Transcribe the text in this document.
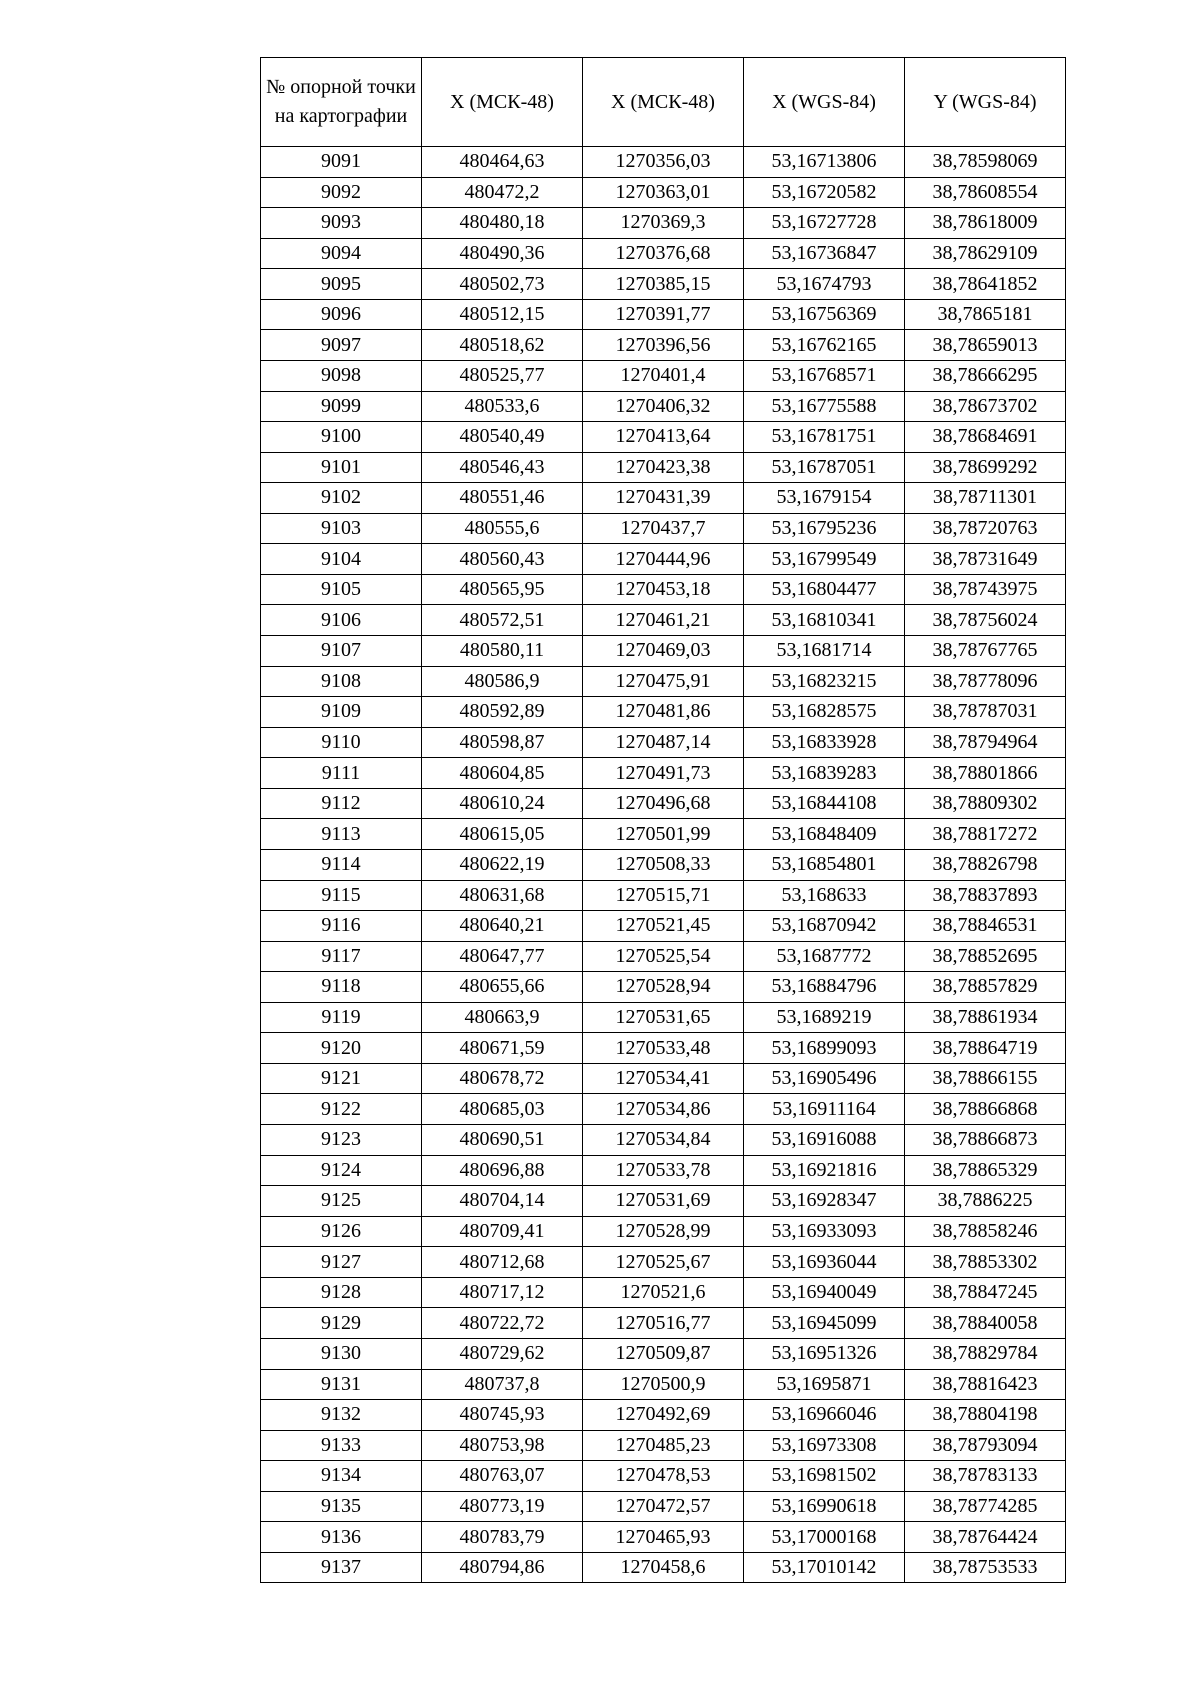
№ опорной точки на картографии	X (МСК-48)	X (МСК-48)	X (WGS-84)	Y (WGS-84)
9091	480464,63	1270356,03	53,16713806	38,78598069
9092	480472,2	1270363,01	53,16720582	38,78608554
9093	480480,18	1270369,3	53,16727728	38,78618009
9094	480490,36	1270376,68	53,16736847	38,78629109
9095	480502,73	1270385,15	53,1674793	38,78641852
9096	480512,15	1270391,77	53,16756369	38,7865181
9097	480518,62	1270396,56	53,16762165	38,78659013
9098	480525,77	1270401,4	53,16768571	38,78666295
9099	480533,6	1270406,32	53,16775588	38,78673702
9100	480540,49	1270413,64	53,16781751	38,78684691
9101	480546,43	1270423,38	53,16787051	38,78699292
9102	480551,46	1270431,39	53,1679154	38,78711301
9103	480555,6	1270437,7	53,16795236	38,78720763
9104	480560,43	1270444,96	53,16799549	38,78731649
9105	480565,95	1270453,18	53,16804477	38,78743975
9106	480572,51	1270461,21	53,16810341	38,78756024
9107	480580,11	1270469,03	53,1681714	38,78767765
9108	480586,9	1270475,91	53,16823215	38,78778096
9109	480592,89	1270481,86	53,16828575	38,78787031
9110	480598,87	1270487,14	53,16833928	38,78794964
9111	480604,85	1270491,73	53,16839283	38,78801866
9112	480610,24	1270496,68	53,16844108	38,78809302
9113	480615,05	1270501,99	53,16848409	38,78817272
9114	480622,19	1270508,33	53,16854801	38,78826798
9115	480631,68	1270515,71	53,168633	38,78837893
9116	480640,21	1270521,45	53,16870942	38,78846531
9117	480647,77	1270525,54	53,1687772	38,78852695
9118	480655,66	1270528,94	53,16884796	38,78857829
9119	480663,9	1270531,65	53,1689219	38,78861934
9120	480671,59	1270533,48	53,16899093	38,78864719
9121	480678,72	1270534,41	53,16905496	38,78866155
9122	480685,03	1270534,86	53,16911164	38,78866868
9123	480690,51	1270534,84	53,16916088	38,78866873
9124	480696,88	1270533,78	53,16921816	38,78865329
9125	480704,14	1270531,69	53,16928347	38,7886225
9126	480709,41	1270528,99	53,16933093	38,78858246
9127	480712,68	1270525,67	53,16936044	38,78853302
9128	480717,12	1270521,6	53,16940049	38,78847245
9129	480722,72	1270516,77	53,16945099	38,78840058
9130	480729,62	1270509,87	53,16951326	38,78829784
9131	480737,8	1270500,9	53,1695871	38,78816423
9132	480745,93	1270492,69	53,16966046	38,78804198
9133	480753,98	1270485,23	53,16973308	38,78793094
9134	480763,07	1270478,53	53,16981502	38,78783133
9135	480773,19	1270472,57	53,16990618	38,78774285
9136	480783,79	1270465,93	53,17000168	38,78764424
9137	480794,86	1270458,6	53,17010142	38,78753533
